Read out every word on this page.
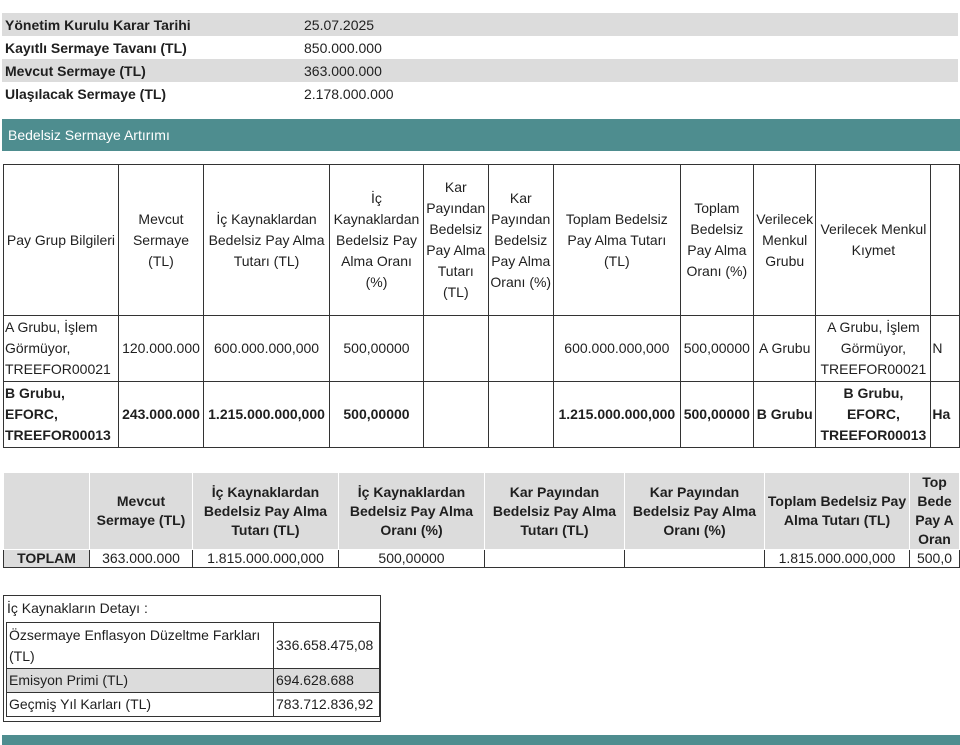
Yönetim Kurulu Karar Tarihi	25.07.2025
Kayıtlı Sermaye Tavanı (TL)	850.000.000
Mevcut Sermaye (TL)	363.000.000
Ulaşılacak Sermaye (TL)	2.178.000.000
Bedelsiz Sermaye Artırımı
Pay Grup Bilgileri	Mevcut Sermaye (TL)	İç Kaynaklardan Bedelsiz Pay Alma Tutarı (TL)	İç Kaynaklardan Bedelsiz Pay Alma Oranı (%)	Kar Payından Bedelsiz Pay Alma Tutarı (TL)	Kar Payından Bedelsiz Pay Alma Oranı (%)	Toplam Bedelsiz Pay Alma Tutarı (TL)	Toplam Bedelsiz Pay Alma Oranı (%)	Verilecek Menkul Grubu	Verilecek Menkul Kıymet	
A Grubu, İşlem Görmüyor, TREEFOR00021	120.000.000	600.000.000,000	500,00000			600.000.000,000	500,00000	A Grubu	A Grubu, İşlem Görmüyor, TREEFOR00021	N
B Grubu, EFORC, TREEFOR00013	243.000.000	1.215.000.000,000	500,00000			1.215.000.000,000	500,00000	B Grubu	B Grubu, EFORC, TREEFOR00013	Ha
	Mevcut Sermaye (TL)	İç Kaynaklardan Bedelsiz Pay Alma Tutarı (TL)	İç Kaynaklardan Bedelsiz Pay Alma Oranı (%)	Kar Payından Bedelsiz Pay Alma Tutarı (TL)	Kar Payından Bedelsiz Pay Alma Oranı (%)	Toplam Bedelsiz Pay Alma Tutarı (TL)	Top Bede Pay A Oran
TOPLAM	363.000.000	1.815.000.000,000	500,00000			1.815.000.000,000	500,0
İç Kaynakların Detayı :
Özsermaye Enflasyon Düzeltme Farkları (TL)	336.658.475,08
Emisyon Primi (TL)	694.628.688
Geçmiş Yıl Karları (TL)	783.712.836,92
